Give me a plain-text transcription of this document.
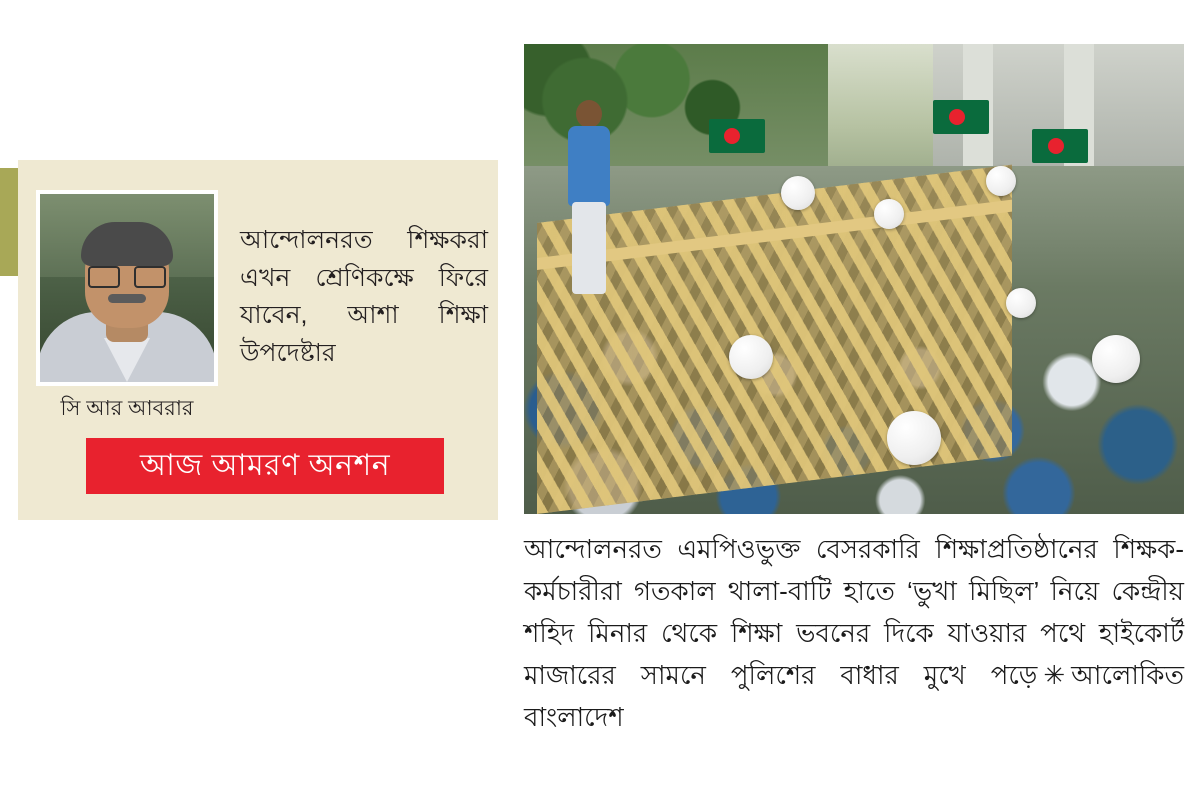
সি আর আবরার
আন্দোলনরত শিক্ষকরা এখন শ্রেণিকক্ষে ফিরে যাবেন, আশা শিক্ষা উপদেষ্টার
আজ আমরণ অনশন
আন্দোলনরত এমপিওভুক্ত বেসরকারি শিক্ষাপ্রতিষ্ঠানের শিক্ষক-কর্মচারীরা গতকাল থালা-বাটি হাতে ‘ভুখা মিছিল’ নিয়ে কেন্দ্রীয় শহিদ মিনার থেকে শিক্ষা ভবনের দিকে যাওয়ার পথে হাইকোর্ট মাজারের সামনে পুলিশের বাধার মুখে পড়ে ✳ আলোকিত বাংলাদেশ
